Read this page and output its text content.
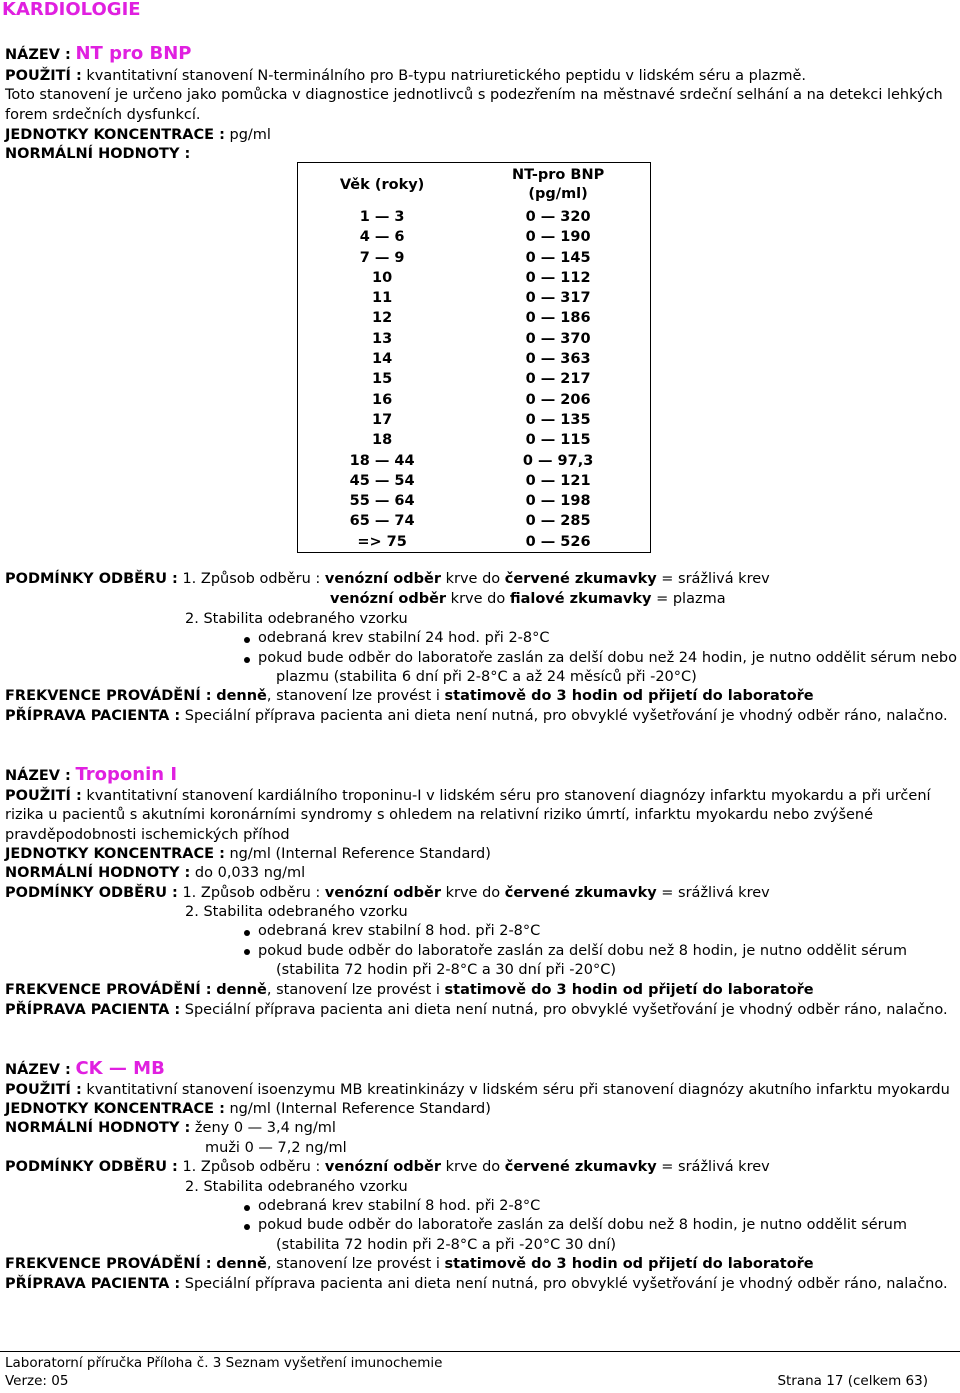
KARDIOLOGIE
NÁZEV : NT pro BNP
POUŽITÍ : kvantitativní stanovení N-terminálního pro B-typu natriuretického peptidu v lidském séru a plazmě.
Toto stanovení je určeno jako pomůcka v diagnostice jednotlivců s podezřením na městnavé srdeční selhání a na detekci lehkých
forem srdečních dysfunkcí.
JEDNOTKY KONCENTRACE : pg/ml
NORMÁLNÍ HODNOTY :
Věk (roky)	NT-pro BNP
(pg/ml)
1 — 3	0 — 320
4 — 6	0 — 190
7 — 9	0 — 145
10	0 — 112
11	0 — 317
12	0 — 186
13	0 — 370
14	0 — 363
15	0 — 217
16	0 — 206
17	0 — 135
18	0 — 115
18 — 44	0 — 97,3
45 — 54	0 — 121
55 — 64	0 — 198
65 — 74	0 — 285
=> 75	0 — 526
PODMÍNKY ODBĚRU : 1. Způsob odběru : venózní odběr krve do červené zkumavky = srážlivá krev
venózní odběr krve do fialové zkumavky = plazma
2. Stabilita odebraného vzorku
odebraná krev stabilní 24 hod. při 2-8°C
pokud bude odběr do laboratoře zaslán za delší dobu než 24 hodin, je nutno oddělit sérum nebo
plazmu (stabilita 6 dní při 2-8°C a až 24 měsíců při -20°C)
FREKVENCE PROVÁDĚNÍ : denně, stanovení lze provést i statimově do 3 hodin od přijetí do laboratoře
PŘÍPRAVA PACIENTA : Speciální příprava pacienta ani dieta není nutná, pro obvyklé vyšetřování je vhodný odběr ráno, nalačno.
NÁZEV : Troponin I
POUŽITÍ : kvantitativní stanovení kardiálního troponinu-I v lidském séru pro stanovení diagnózy infarktu myokardu a při určení
rizika u pacientů s akutními koronárními syndromy s ohledem na relativní riziko úmrtí, infarktu myokardu nebo zvýšené
pravděpodobnosti ischemických příhod
JEDNOTKY KONCENTRACE : ng/ml (Internal Reference Standard)
NORMÁLNÍ HODNOTY : do 0,033 ng/ml
PODMÍNKY ODBĚRU : 1. Způsob odběru : venózní odběr krve do červené zkumavky = srážlivá krev
2. Stabilita odebraného vzorku
odebraná krev stabilní 8 hod. při 2-8°C
pokud bude odběr do laboratoře zaslán za delší dobu než 8 hodin, je nutno oddělit sérum
(stabilita 72 hodin při 2-8°C a 30 dní při -20°C)
FREKVENCE PROVÁDĚNÍ : denně, stanovení lze provést i statimově do 3 hodin od přijetí do laboratoře
PŘÍPRAVA PACIENTA : Speciální příprava pacienta ani dieta není nutná, pro obvyklé vyšetřování je vhodný odběr ráno, nalačno.
NÁZEV : CK — MB
POUŽITÍ : kvantitativní stanovení isoenzymu MB kreatinkinázy v lidském séru při stanovení diagnózy akutního infarktu myokardu
JEDNOTKY KONCENTRACE : ng/ml (Internal Reference Standard)
NORMÁLNÍ HODNOTY : ženy 0 — 3,4 ng/ml
muži 0 — 7,2 ng/ml
PODMÍNKY ODBĚRU : 1. Způsob odběru : venózní odběr krve do červené zkumavky = srážlivá krev
2. Stabilita odebraného vzorku
odebraná krev stabilní 8 hod. při 2-8°C
pokud bude odběr do laboratoře zaslán za delší dobu než 8 hodin, je nutno oddělit sérum
(stabilita 72 hodin při 2-8°C a při -20°C 30 dní)
FREKVENCE PROVÁDĚNÍ : denně, stanovení lze provést i statimově do 3 hodin od přijetí do laboratoře
PŘÍPRAVA PACIENTA : Speciální příprava pacienta ani dieta není nutná, pro obvyklé vyšetřování je vhodný odběr ráno, nalačno.
Laboratorní příručka Příloha č. 3 Seznam vyšetření imunochemie
Verze: 05	Strana 17 (celkem 63)
